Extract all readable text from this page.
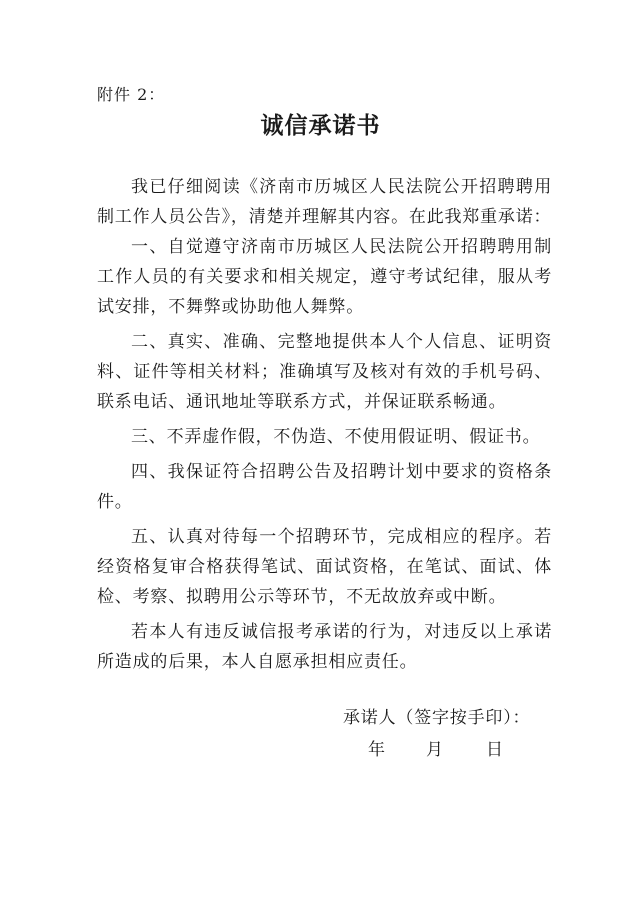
附件 2：
诚信承诺书

我已仔细阅读《济南市历城区人民法院公开招聘聘用制工作人员公告》，清楚并理解其内容。在此我郑重承诺：

一、自觉遵守济南市历城区人民法院公开招聘聘用制工作人员的有关要求和相关规定，遵守考试纪律，服从考试安排，不舞弊或协助他人舞弊。

二、真实、准确、完整地提供本人个人信息、证明资料、证件等相关材料；准确填写及核对有效的手机号码、联系电话、通讯地址等联系方式，并保证联系畅通。

三、不弄虚作假，不伪造、不使用假证明、假证书。

四、我保证符合招聘公告及招聘计划中要求的资格条件。

五、认真对待每一个招聘环节，完成相应的程序。若经资格复审合格获得笔试、面试资格，在笔试、面试、体检、考察、拟聘用公示等环节，不无故放弃或中断。

若本人有违反诚信报考承诺的行为，对违反以上承诺所造成的后果，本人自愿承担相应责任。

承诺人（签字按手印）：
年 月	日
